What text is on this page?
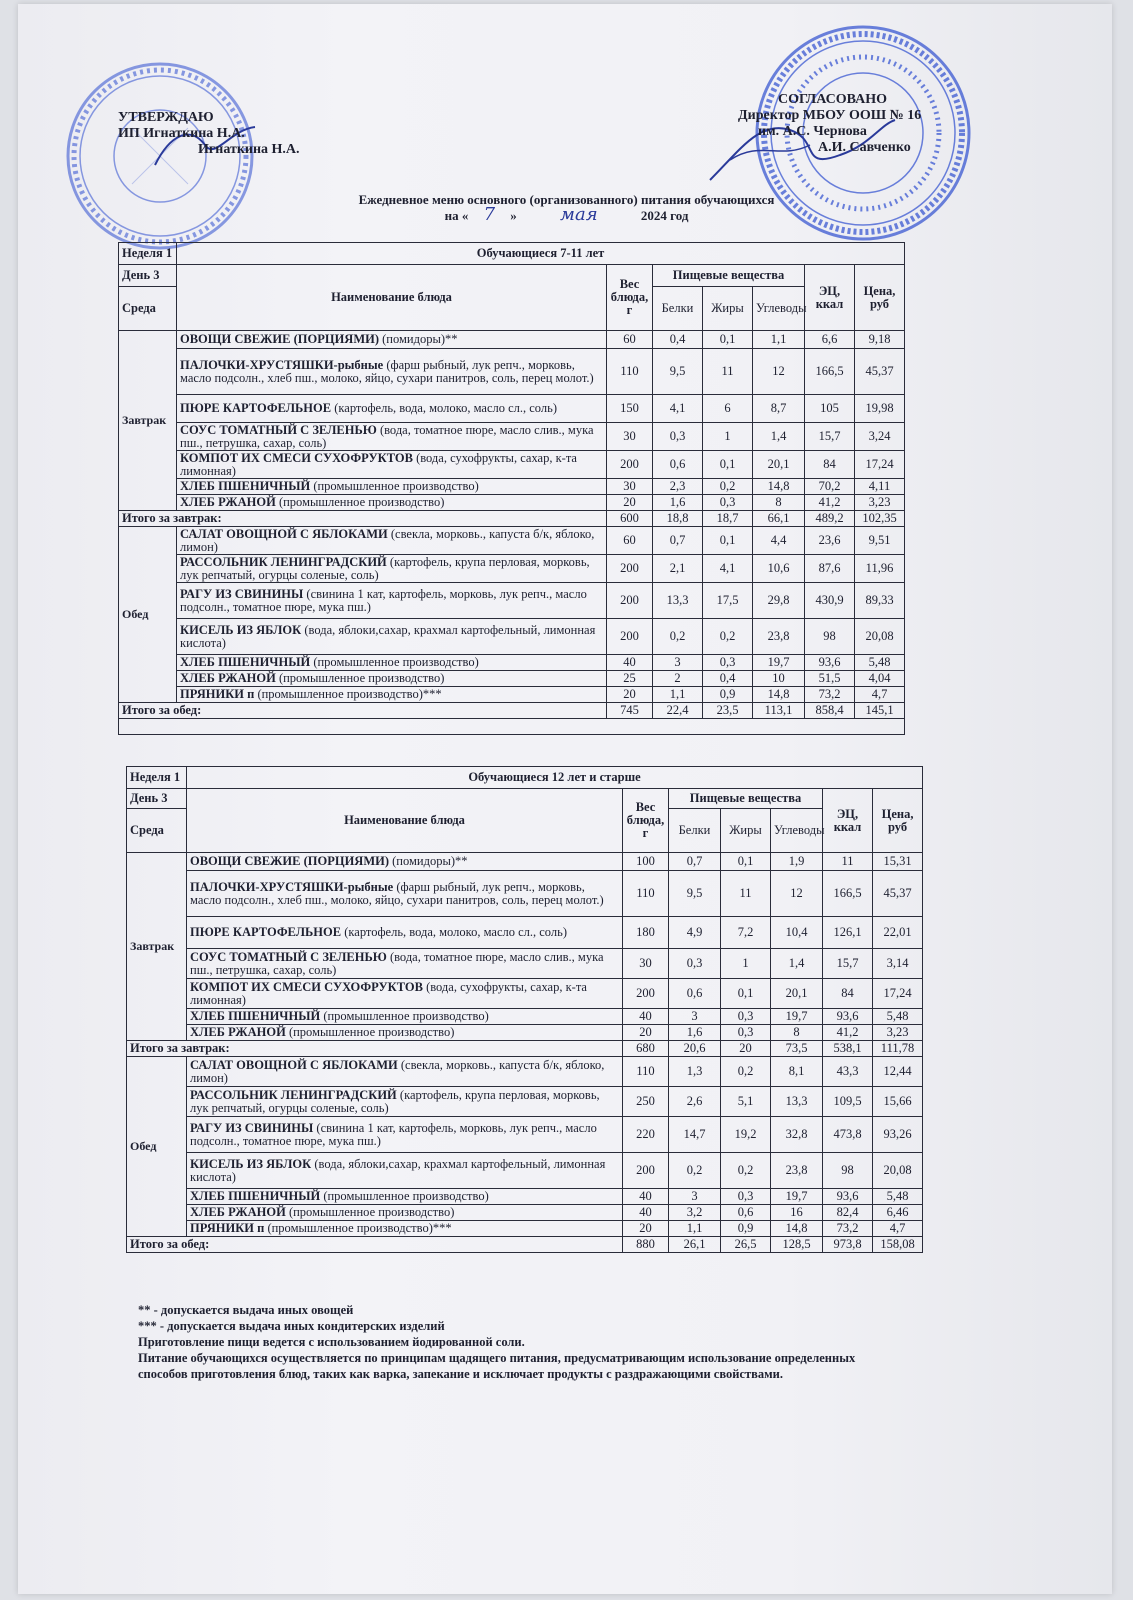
УТВЕРЖДАЮ
ИП Игнаткина Н.А.
Игнаткина Н.А.
СОГЛАСОВАНО
Директор МБОУ ООШ № 16
им. А.С. Чернова
А.И. Савченко
Ежедневное меню основного (организованного) питания обучающихся
на « 7 » мая	2024 год
Неделя 1	Обучающиеся 7-11 лет						
День 3	Наименование блюда	Вес блюда, г	Пищевые вещества			ЭЦ, ккал	Цена, руб
Среда			Белки	Жиры	Углеводы		

Завтрак	ОВОЩИ СВЕЖИЕ (ПОРЦИЯМИ) (помидоры)**	60	0,4	0,1	1,1	6,6	9,18
	ПАЛОЧКИ-ХРУСТЯШКИ-рыбные (фарш рыбный, лук репч., морковь, масло подсолн., хлеб пш., молоко, яйцо, сухари панитров, соль, перец молот.)	110	9,5	11	12	166,5	45,37
	ПЮРЕ КАРТОФЕЛЬНОЕ (картофель, вода, молоко, масло сл., соль)	150	4,1	6	8,7	105	19,98
	СОУС ТОМАТНЫЙ С ЗЕЛЕНЬЮ (вода, томатное пюре, масло слив., мука пш., петрушка, сахар, соль)	30	0,3	1	1,4	15,7	3,24
	КОМПОТ ИХ СМЕСИ СУХОФРУКТОВ (вода, сухофрукты, сахар, к-та лимонная)	200	0,6	0,1	20,1	84	17,24
	ХЛЕБ ПШЕНИЧНЫЙ (промышленное производство)	30	2,3	0,2	14,8	70,2	4,11
	ХЛЕБ РЖАНОЙ (промышленное производство)	20	1,6	0,3	8	41,2	3,23
Итого за завтрак:		600	18,8	18,7	66,1	489,2	102,35
Обед	САЛАТ ОВОЩНОЙ С ЯБЛОКАМИ (свекла, морковь., капуста б/к, яблоко, лимон)	60	0,7	0,1	4,4	23,6	9,51
	РАССОЛЬНИК ЛЕНИНГРАДСКИЙ (картофель, крупа перловая, морковь, лук репчатый, огурцы соленые, соль)	200	2,1	4,1	10,6	87,6	11,96
	РАГУ ИЗ СВИНИНЫ (свинина 1 кат, картофель, морковь, лук репч., масло подсолн., томатное пюре, мука пш.)	200	13,3	17,5	29,8	430,9	89,33
	КИСЕЛЬ ИЗ ЯБЛОК (вода, яблоки,сахар, крахмал картофельный, лимонная кислота)	200	0,2	0,2	23,8	98	20,08
	ХЛЕБ ПШЕНИЧНЫЙ (промышленное производство)	40	3	0,3	19,7	93,6	5,48
	ХЛЕБ РЖАНОЙ (промышленное производство)	25	2	0,4	10	51,5	4,04
	ПРЯНИКИ п (промышленное производство)***	20	1,1	0,9	14,8	73,2	4,7
Итого за обед:		745	22,4	23,5	113,1	858,4	145,1

Неделя 1	Обучающиеся 12 лет и старше						
День 3	Наименование блюда	Вес блюда, г	Пищевые вещества			ЭЦ, ккал	Цена, руб
Среда			Белки	Жиры	Углеводы		

Завтрак	ОВОЩИ СВЕЖИЕ (ПОРЦИЯМИ) (помидоры)**	100	0,7	0,1	1,9	11	15,31
	ПАЛОЧКИ-ХРУСТЯШКИ-рыбные (фарш рыбный, лук репч., морковь, масло подсолн., хлеб пш., молоко, яйцо, сухари панитров, соль, перец молот.)	110	9,5	11	12	166,5	45,37
	ПЮРЕ КАРТОФЕЛЬНОЕ (картофель, вода, молоко, масло сл., соль)	180	4,9	7,2	10,4	126,1	22,01
	СОУС ТОМАТНЫЙ С ЗЕЛЕНЬЮ (вода, томатное пюре, масло слив., мука пш., петрушка, сахар, соль)	30	0,3	1	1,4	15,7	3,14
	КОМПОТ ИХ СМЕСИ СУХОФРУКТОВ (вода, сухофрукты, сахар, к-та лимонная)	200	0,6	0,1	20,1	84	17,24
	ХЛЕБ ПШЕНИЧНЫЙ (промышленное производство)	40	3	0,3	19,7	93,6	5,48
	ХЛЕБ РЖАНОЙ (промышленное производство)	20	1,6	0,3	8	41,2	3,23
Итого за завтрак:		680	20,6	20	73,5	538,1	111,78
Обед	САЛАТ ОВОЩНОЙ С ЯБЛОКАМИ (свекла, морковь., капуста б/к, яблоко, лимон)	110	1,3	0,2	8,1	43,3	12,44
	РАССОЛЬНИК ЛЕНИНГРАДСКИЙ (картофель, крупа перловая, морковь, лук репчатый, огурцы соленые, соль)	250	2,6	5,1	13,3	109,5	15,66
	РАГУ ИЗ СВИНИНЫ (свинина 1 кат, картофель, морковь, лук репч., масло подсолн., томатное пюре, мука пш.)	220	14,7	19,2	32,8	473,8	93,26
	КИСЕЛЬ ИЗ ЯБЛОК (вода, яблоки,сахар, крахмал картофельный, лимонная кислота)	200	0,2	0,2	23,8	98	20,08
	ХЛЕБ ПШЕНИЧНЫЙ (промышленное производство)	40	3	0,3	19,7	93,6	5,48
	ХЛЕБ РЖАНОЙ (промышленное производство)	40	3,2	0,6	16	82,4	6,46
	ПРЯНИКИ п (промышленное производство)***	20	1,1	0,9	14,8	73,2	4,7
Итого за обед:		880	26,1	26,5	128,5	973,8	158,08
** - допускается выдача иных овощей
*** - допускается выдача иных кондитерских изделий
Приготовление пищи ведется с использованием йодированной соли.
Питание обучающихся осуществляется по принципам щадящего питания, предусматривающим использование определенных
способов приготовления блюд, таких как варка, запекание и исключает продукты с раздражающими свойствами.
